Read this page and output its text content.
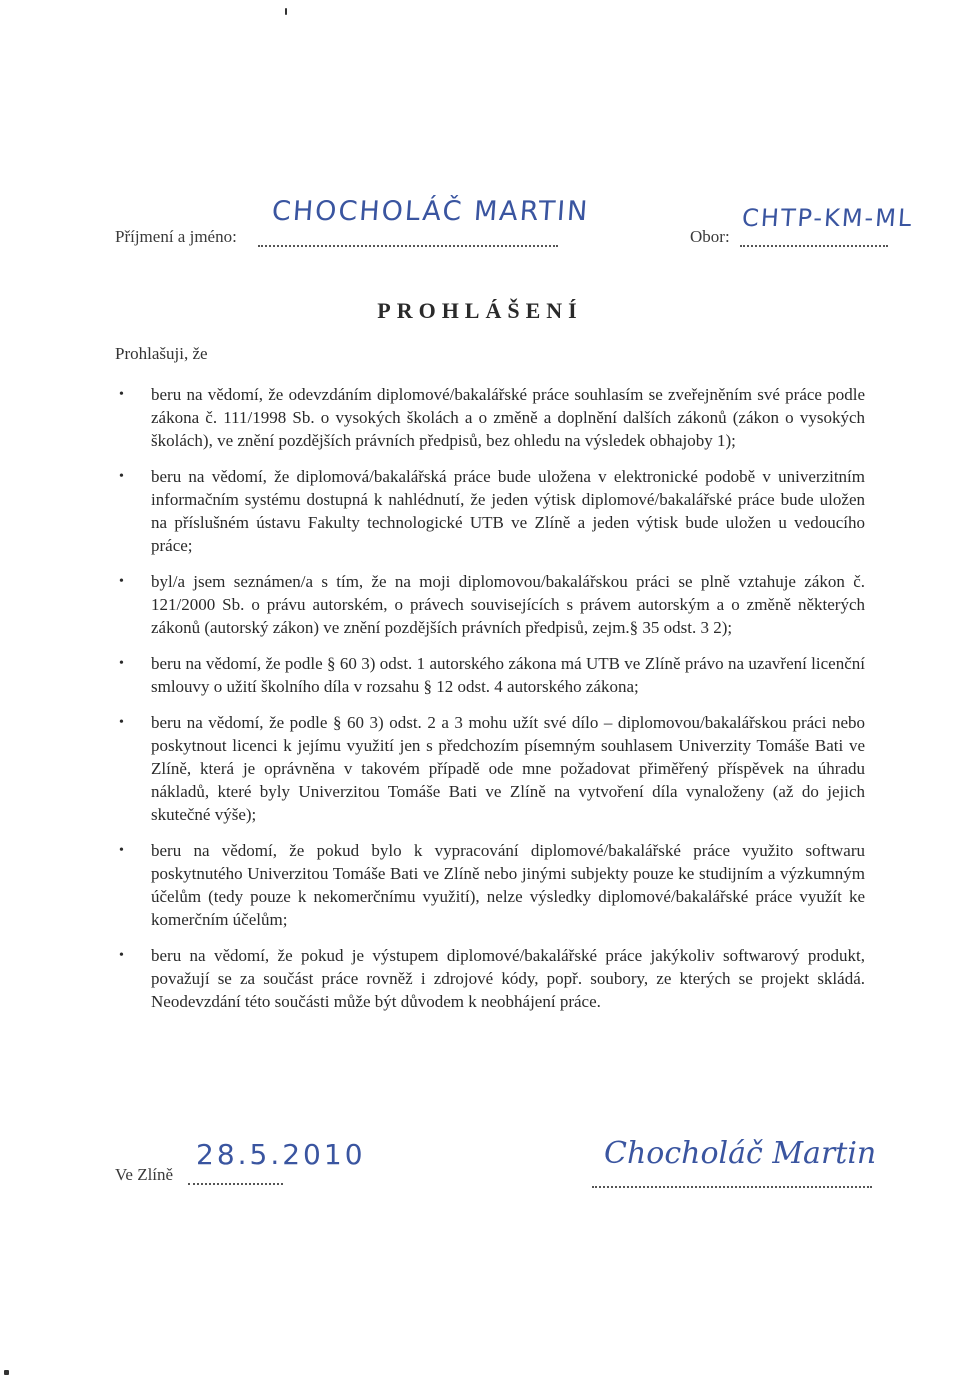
Příjmení a jméno:
CHOCHOLÁČ MARTIN
Obor:
CHTP-KM-ML
PROHLÁŠENÍ
Prohlašuji, že
• beru na vědomí, že odevzdáním diplomové/bakalářské práce souhlasím se zveřejněním své práce podle zákona č. 111/1998 Sb. o vysokých školách a o změně a doplnění dalších zákonů (zákon o vysokých školách), ve znění pozdějších právních předpisů, bez ohledu na výsledek obhajoby 1);
• beru na vědomí, že diplomová/bakalářská práce bude uložena v elektronické podobě v univerzitním informačním systému dostupná k nahlédnutí, že jeden výtisk diplomové/bakalářské práce bude uložen na příslušném ústavu Fakulty technologické UTB ve Zlíně a jeden výtisk bude uložen u vedoucího práce;
• byl/a jsem seznámen/a s tím, že na moji diplomovou/bakalářskou práci se plně vztahuje zákon č. 121/2000 Sb. o právu autorském, o právech souvisejících s právem autorským a o změně některých zákonů (autorský zákon) ve znění pozdějších právních předpisů, zejm.§ 35 odst. 3 2);
• beru na vědomí, že podle § 60 3) odst. 1 autorského zákona má UTB ve Zlíně právo na uzavření licenční smlouvy o užití školního díla v rozsahu § 12 odst. 4 autorského zákona;
• beru na vědomí, že podle § 60 3) odst. 2 a 3 mohu užít své dílo – diplomovou/bakalářskou práci nebo poskytnout licenci k jejímu využití jen s předchozím písemným souhlasem Univerzity Tomáše Bati ve Zlíně, která je oprávněna v takovém případě ode mne požadovat přiměřený příspěvek na úhradu nákladů, které byly Univerzitou Tomáše Bati ve Zlíně na vytvoření díla vynaloženy (až do jejich skutečné výše);
• beru na vědomí, že pokud bylo k vypracování diplomové/bakalářské práce využito softwaru poskytnutého Univerzitou Tomáše Bati ve Zlíně nebo jinými subjekty pouze ke studijním a výzkumným účelům (tedy pouze k nekomerčnímu využití), nelze výsledky diplomové/bakalářské práce využít ke komerčním účelům;
• beru na vědomí, že pokud je výstupem diplomové/bakalářské práce jakýkoliv softwarový produkt, považují se za součást práce rovněž i zdrojové kódy, popř. soubory, ze kterých se projekt skládá. Neodevzdání této součásti může být důvodem k neobhájení práce.
Ve Zlíně
28.5.2010	Chocholáč Martin
